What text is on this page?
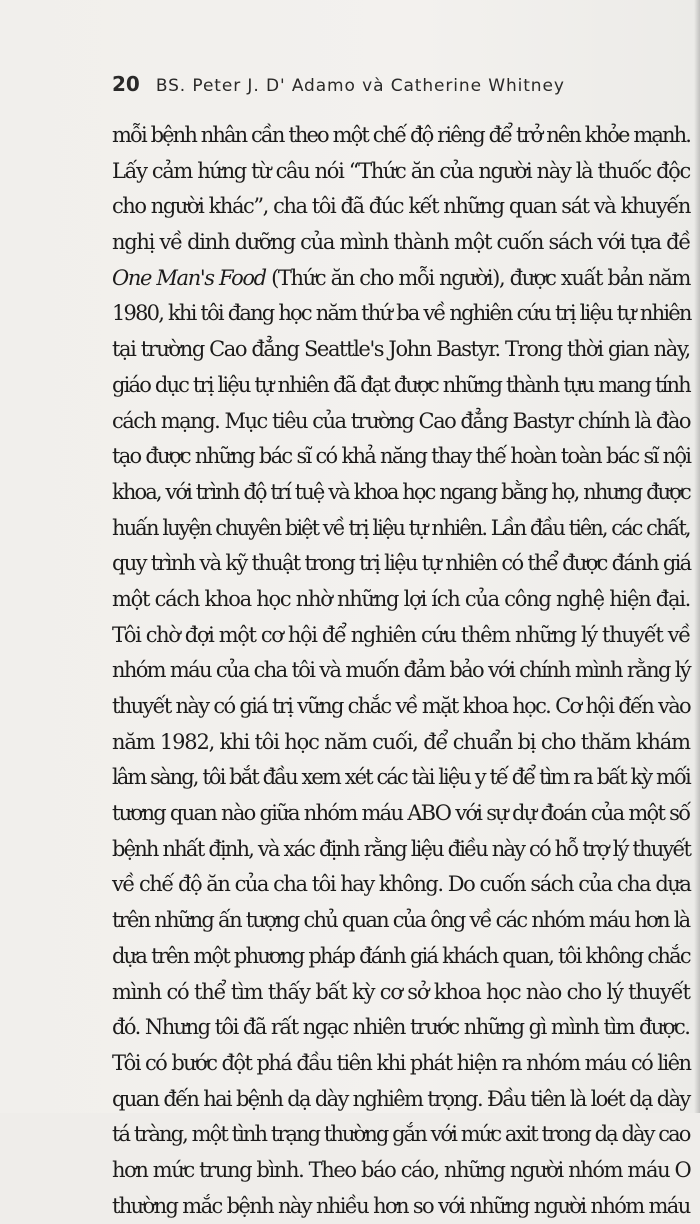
20 BS. Peter J. D' Adamo và Catherine Whitney
mỗi bệnh nhân cần theo một chế độ riêng để trở nên khỏe mạnh.
Lấy cảm hứng từ câu nói “Thức ăn của người này là thuốc độc
cho người khác”, cha tôi đã đúc kết những quan sát và khuyến
nghị về dinh dưỡng của mình thành một cuốn sách với tựa đề
One Man's Food (Thức ăn cho mỗi người), được xuất bản năm
1980, khi tôi đang học năm thứ ba về nghiên cứu trị liệu tự nhiên
tại trường Cao đẳng Seattle's John Bastyr. Trong thời gian này,
giáo dục trị liệu tự nhiên đã đạt được những thành tựu mang tính
cách mạng. Mục tiêu của trường Cao đẳng Bastyr chính là đào
tạo được những bác sĩ có khả năng thay thế hoàn toàn bác sĩ nội
khoa, với trình độ trí tuệ và khoa học ngang bằng họ, nhưng được
huấn luyện chuyên biệt về trị liệu tự nhiên. Lần đầu tiên, các chất,
quy trình và kỹ thuật trong trị liệu tự nhiên có thể được đánh giá
một cách khoa học nhờ những lợi ích của công nghệ hiện đại.
Tôi chờ đợi một cơ hội để nghiên cứu thêm những lý thuyết về
nhóm máu của cha tôi và muốn đảm bảo với chính mình rằng lý
thuyết này có giá trị vững chắc về mặt khoa học. Cơ hội đến vào
năm 1982, khi tôi học năm cuối, để chuẩn bị cho thăm khám
lâm sàng, tôi bắt đầu xem xét các tài liệu y tế để tìm ra bất kỳ mối
tương quan nào giữa nhóm máu ABO với sự dự đoán của một số
bệnh nhất định, và xác định rằng liệu điều này có hỗ trợ lý thuyết
về chế độ ăn của cha tôi hay không. Do cuốn sách của cha dựa
trên những ấn tượng chủ quan của ông về các nhóm máu hơn là
dựa trên một phương pháp đánh giá khách quan, tôi không chắc
mình có thể tìm thấy bất kỳ cơ sở khoa học nào cho lý thuyết
đó. Nhưng tôi đã rất ngạc nhiên trước những gì mình tìm được.
Tôi có bước đột phá đầu tiên khi phát hiện ra nhóm máu có liên
quan đến hai bệnh dạ dày nghiêm trọng. Đầu tiên là loét dạ dày
tá tràng, một tình trạng thường gắn với mức axit trong dạ dày cao
hơn mức trung bình. Theo báo cáo, những người nhóm máu O
thường mắc bệnh này nhiều hơn so với những người nhóm máu
